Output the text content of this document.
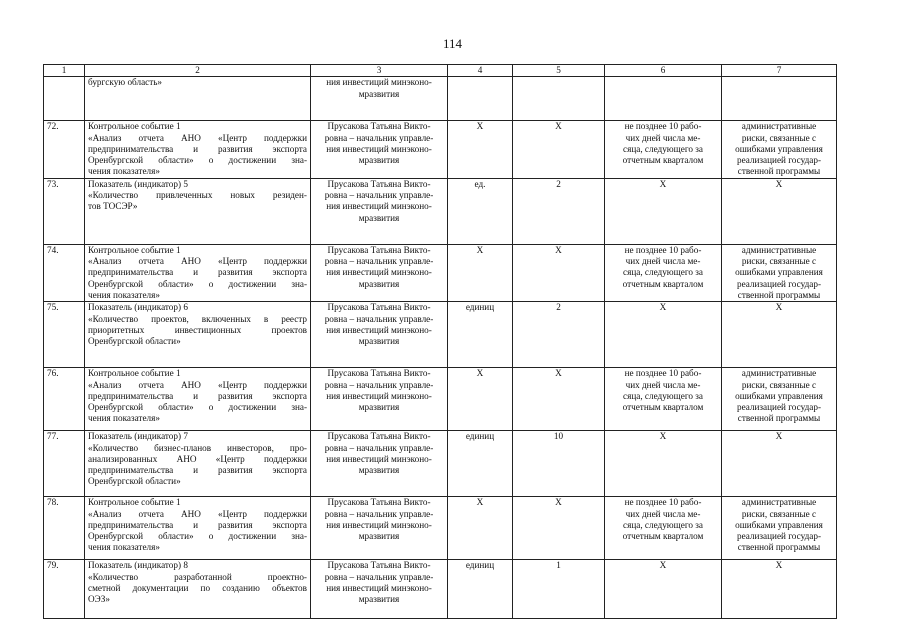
114
1	2	3	4	5	6	7

	бургскую область»	ния инвестиций минэконо-
мразвития				

72.	Контрольное событие 1
«Анализ отчета АНО «Центр поддержки
предпринимательства и развития экспорта
Оренбургской области» о достижении зна-
чения показателя»	Прусакова Татьяна Викто-
ровна – начальник управле-
ния инвестиций минэконо-
мразвития	X	X	не позднее 10 рабо-
чих дней числа ме-
сяца, следующего за
отчетным кварталом	административные
риски, связанные с
ошибками управления
реализацией государ-
ственной программы

73.	Показатель (индикатор) 5
«Количество привлеченных новых резиден-
тов ТОСЭР»	Прусакова Татьяна Викто-
ровна – начальник управле-
ния инвестиций минэконо-
мразвития	ед.	2	X	X

74.	Контрольное событие 1
«Анализ отчета АНО «Центр поддержки
предпринимательства и развития экспорта
Оренбургской области» о достижении зна-
чения показателя»	Прусакова Татьяна Викто-
ровна – начальник управле-
ния инвестиций минэконо-
мразвития	X	X	не позднее 10 рабо-
чих дней числа ме-
сяца, следующего за
отчетным кварталом	административные
риски, связанные с
ошибками управления
реализацией государ-
ственной программы

75.	Показатель (индикатор) 6
«Количество проектов, включенных в реестр
приоритетных инвестиционных проектов
Оренбургской области»	Прусакова Татьяна Викто-
ровна – начальник управле-
ния инвестиций минэконо-
мразвития	единиц	2	X	X

76.	Контрольное событие 1
«Анализ отчета АНО «Центр поддержки
предпринимательства и развития экспорта
Оренбургской области» о достижении зна-
чения показателя»	Прусакова Татьяна Викто-
ровна – начальник управле-
ния инвестиций минэконо-
мразвития	X	X	не позднее 10 рабо-
чих дней числа ме-
сяца, следующего за
отчетным кварталом	административные
риски, связанные с
ошибками управления
реализацией государ-
ственной программы

77.	Показатель (индикатор) 7
«Количество бизнес-планов инвесторов, про-
анализированных АНО «Центр поддержки
предпринимательства и развития экспорта
Оренбургской области»	Прусакова Татьяна Викто-
ровна – начальник управле-
ния инвестиций минэконо-
мразвития	единиц	10	X	X

78.	Контрольное событие 1
«Анализ отчета АНО «Центр поддержки
предпринимательства и развития экспорта
Оренбургской области» о достижении зна-
чения показателя»	Прусакова Татьяна Викто-
ровна – начальник управле-
ния инвестиций минэконо-
мразвития	X	X	не позднее 10 рабо-
чих дней числа ме-
сяца, следующего за
отчетным кварталом	административные
риски, связанные с
ошибками управления
реализацией государ-
ственной программы

79.	Показатель (индикатор) 8
«Количество разработанной проектно-
сметной документации по созданию объектов
ОЭЗ»	Прусакова Татьяна Викто-
ровна – начальник управле-
ния инвестиций минэконо-
мразвития	единиц	1	X	X
